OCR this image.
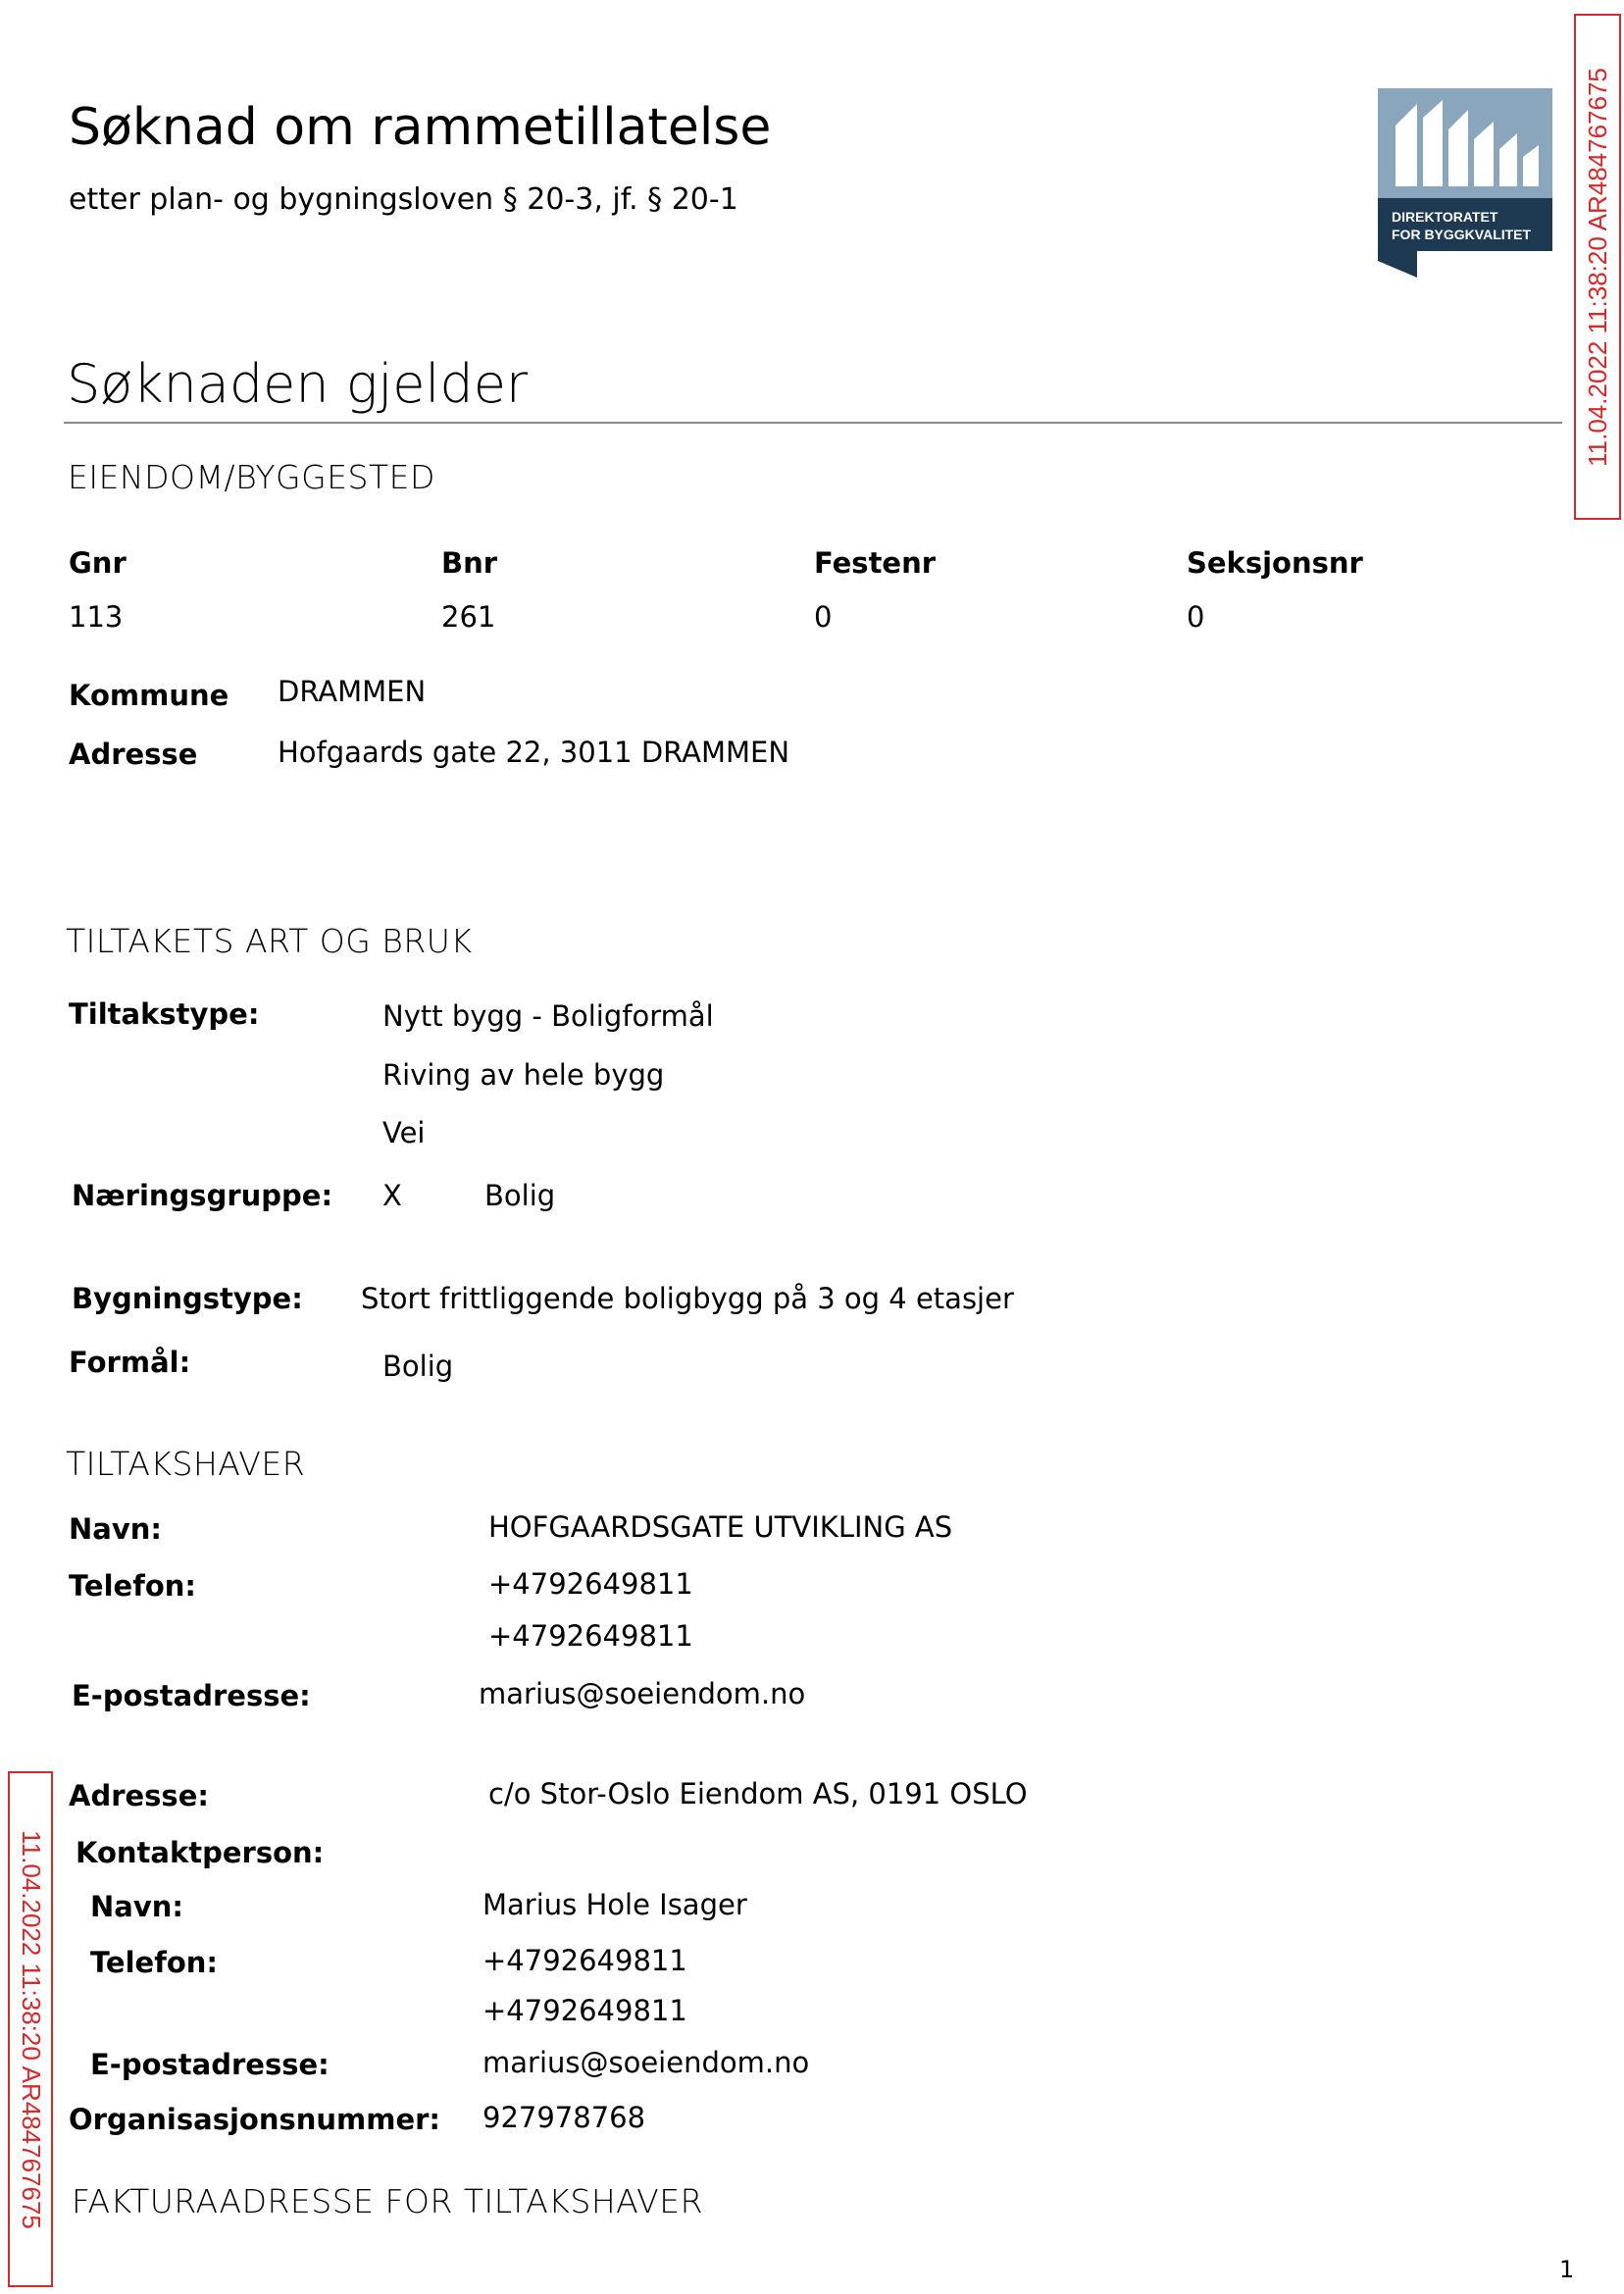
Søknad om rammetillatelse
etter plan- og bygningsloven § 20-3, jf. § 20-1	DIREKTORATET
FOR BYGGKVALITET 11.04.2022 11:38:20 AR484767675
11.04.2022 11:38:20 AR484767675
Søknaden gjelder
EIENDOM/BYGGESTED
Gnr	Bnr	Festenr	Seksjonsnr
113	261	0	0
Kommune DRAMMEN
Adresse	Hofgaards gate 22, 3011 DRAMMEN
TILTAKETS ART OG BRUK
Tiltakstype:	Nytt bygg - Boligformål
Riving av hele bygg
Vei
Næringsgruppe: X	Bolig
Bygningstype: Stort frittliggende boligbygg på 3 og 4 etasjer
Formål:	Bolig
TILTAKSHAVER
Navn:	HOFGAARDSGATE UTVIKLING AS
Telefon:	+4792649811
+4792649811
E-postadresse:	marius@soeiendom.no
Adresse:	c/o Stor-Oslo Eiendom AS, 0191 OSLO
Kontaktperson:
Navn:	Marius Hole Isager
Telefon:	+4792649811
+4792649811
E-postadresse:	marius@soeiendom.no
Organisasjonsnummer: 927978768
FAKTURAADRESSE FOR TILTAKSHAVER
1
